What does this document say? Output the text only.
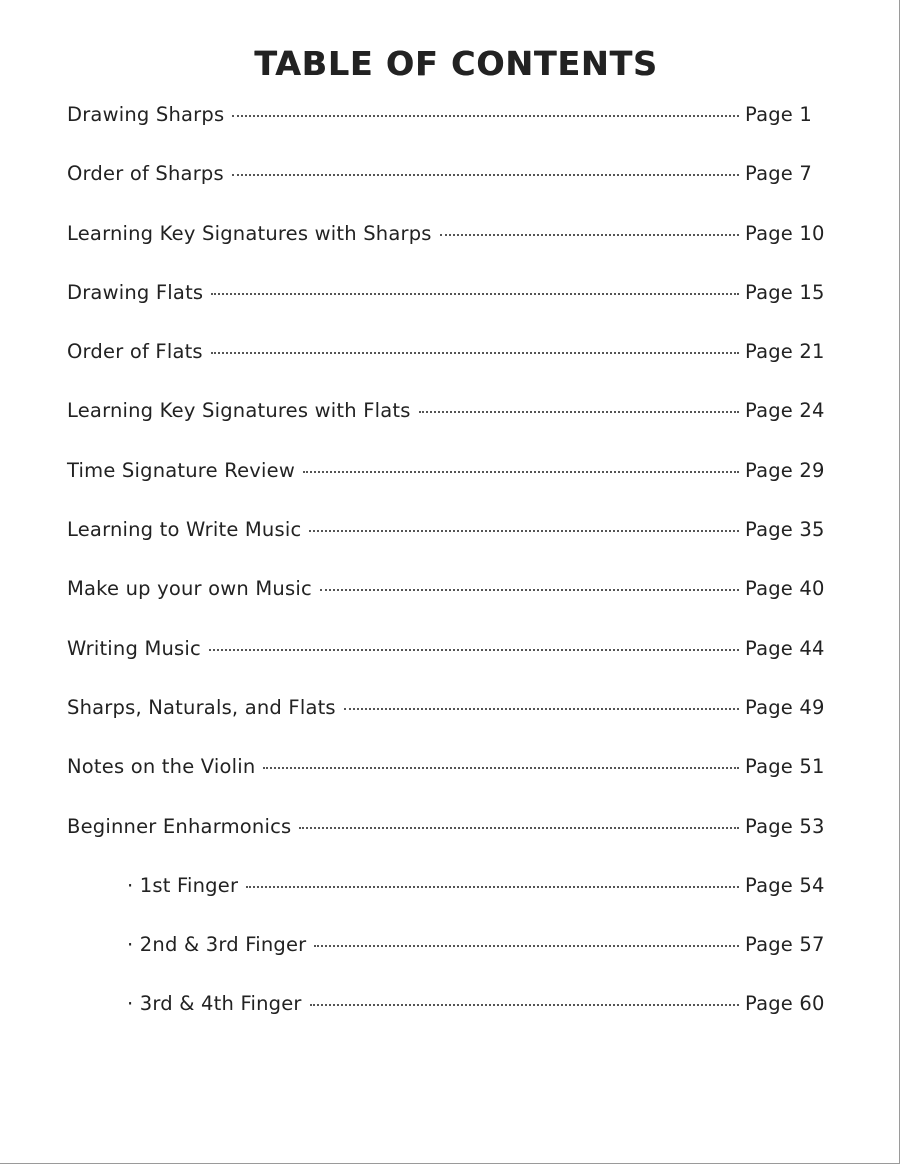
TABLE OF CONTENTS
Drawing Sharps	Page 1
Order of Sharps	Page 7
Learning Key Signatures with Sharps	Page 10
Drawing Flats	Page 15
Order of Flats	Page 21
Learning Key Signatures with Flats	Page 24
Time Signature Review	Page 29
Learning to Write Music	Page 35
Make up your own Music	Page 40
Writing Music	Page 44
Sharps, Naturals, and Flats	Page 49
Notes on the Violin	Page 51
Beginner Enharmonics	Page 53
· 1st Finger	Page 54
· 2nd & 3rd Finger	Page 57
· 3rd & 4th Finger	Page 60
